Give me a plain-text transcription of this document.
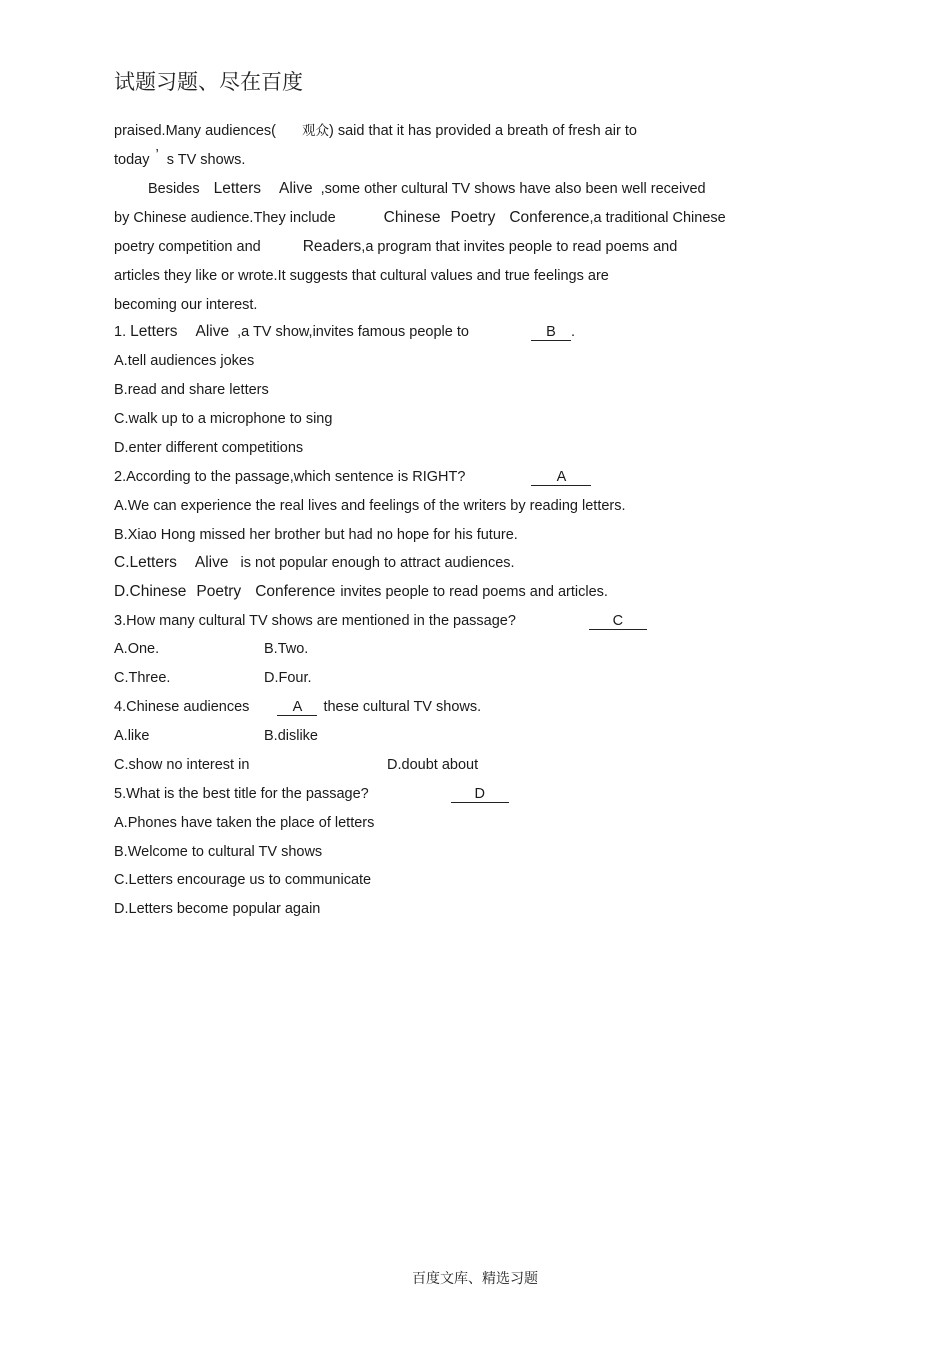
试题习题、尽在百度
praised.Many audiences( 观众) said that it has provided a breath of fresh air to
today ’ s TV shows.
Besides Letters Alive ,some other cultural TV shows have also been well received
by Chinese audience.They include	Chinese Poetry Conference,a traditional Chinese
poetry competition and	Readers,a program that invites people to read poems and
articles they like or wrote.It suggests that cultural values and true feelings are
becoming our interest.
1. Letters Alive ,a TV show,invites famous people to	B .
A.tell audiences jokes
B.read and share letters
C.walk up to a microphone to sing
D.enter different competitions
2.According to the passage,which sentence is RIGHT?	A
A.We can experience the real lives and feelings of the writers by reading letters.
B.Xiao Hong missed her brother but had no hope for his future.
C.Letters Alive is not popular enough to attract audiences.
D.Chinese Poetry Conference invites people to read poems and articles.
3.How many cultural TV shows are mentioned in the passage?	C
A.One.	B.Two.
C.Three.	D.Four.
4.Chinese audiences	A these cultural TV shows.
A.like	B.dislike
C.show no interest in	D.doubt about
5.What is the best title for the passage?	D
A.Phones have taken the place of letters
B.Welcome to cultural TV shows
C.Letters encourage us to communicate
D.Letters become popular again
百度文库、精选习题
